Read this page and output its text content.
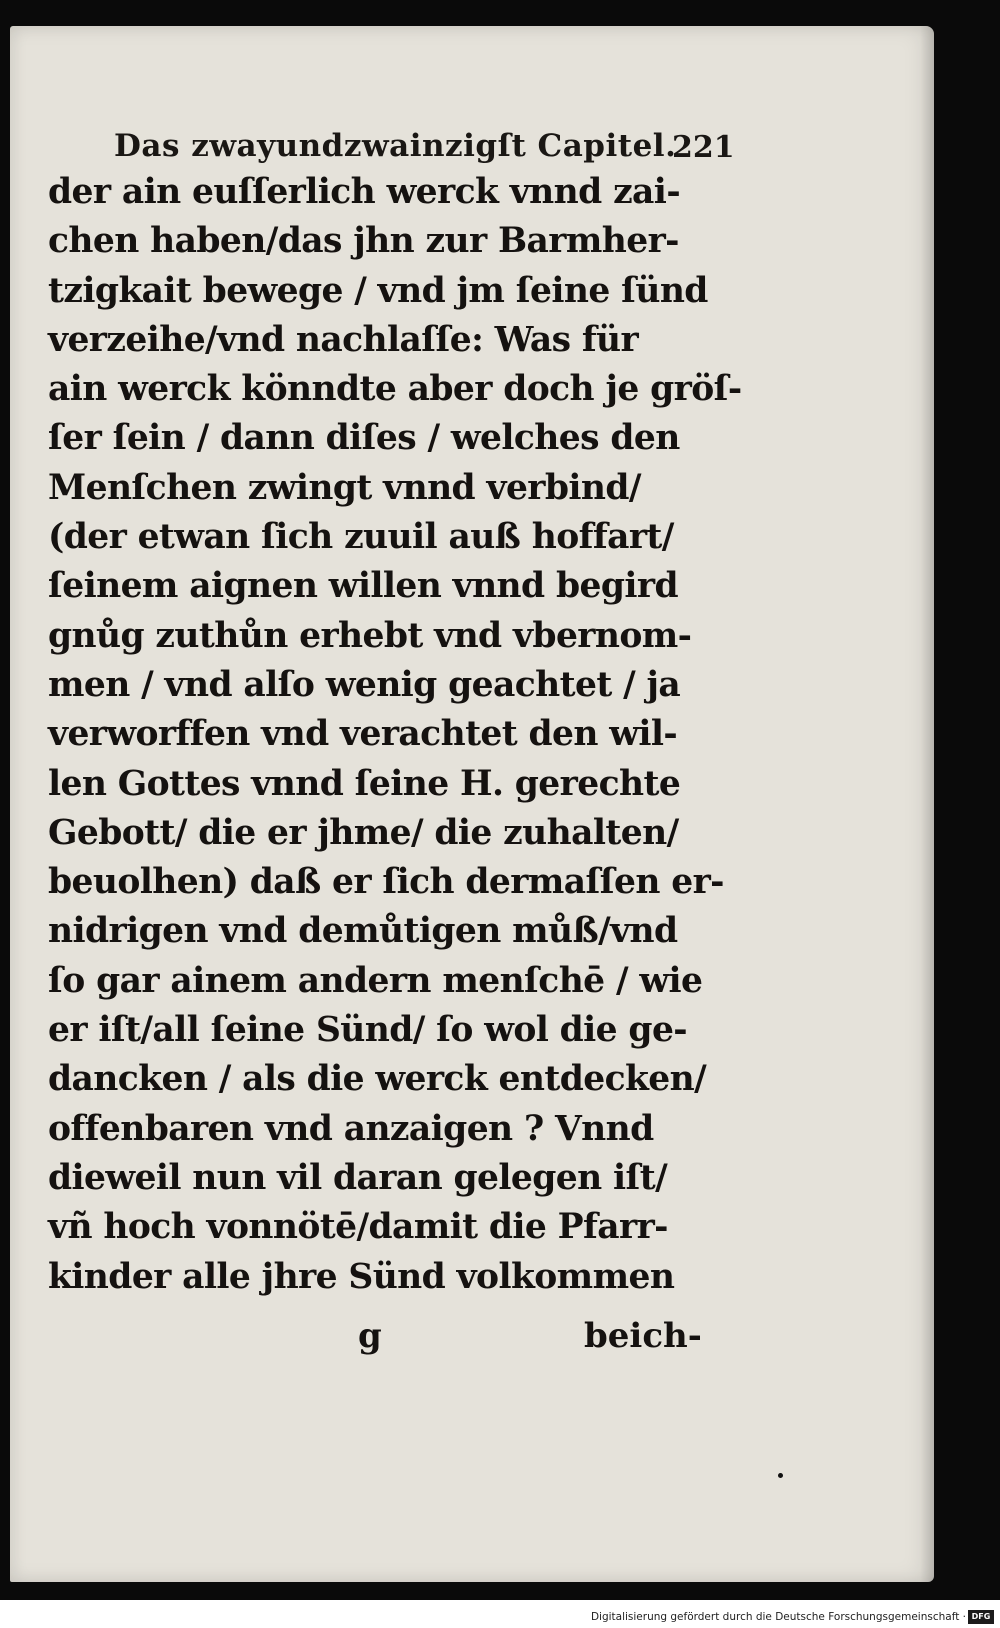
Das zwayundzwainzigſt Capitel.
221
der ain euſſerlich werck vnnd zai-
chen haben/das jhn zur Barmher-
tzigkait bewege / vnd jm ſeine ſünd
verzeihe/vnd nachlaſſe: Was für
ain werck könndte aber doch je gröſ-
ſer ſein / dann diſes / welches den
Menſchen zwingt vnnd verbind/
(der etwan ſich zuuil auß hoffart/
ſeinem aignen willen vnnd begird
gnůg zuthůn erhebt vnd vbernom-
men / vnd alſo wenig geachtet / ja
verworffen vnd verachtet den wil-
len Gottes vnnd ſeine H. gerechte
Gebott/ die er jhme/ die zuhalten/
beuolhen) daß er ſich dermaſſen er-
nidrigen vnd demůtigen můß/vnd
ſo gar ainem andern menſchē / wie
er iſt/all ſeine Sünd/ ſo wol die ge-
dancken / als die werck entdecken/
offenbaren vnd anzaigen ? Vnnd
dieweil nun vil daran gelegen iſt/
vñ hoch vonnötē/damit die Pfarr-
kinder alle jhre Sünd volkommen
g	beich-
Digitalisierung gefördert durch die Deutsche Forschungsgemeinschaft · DFG
